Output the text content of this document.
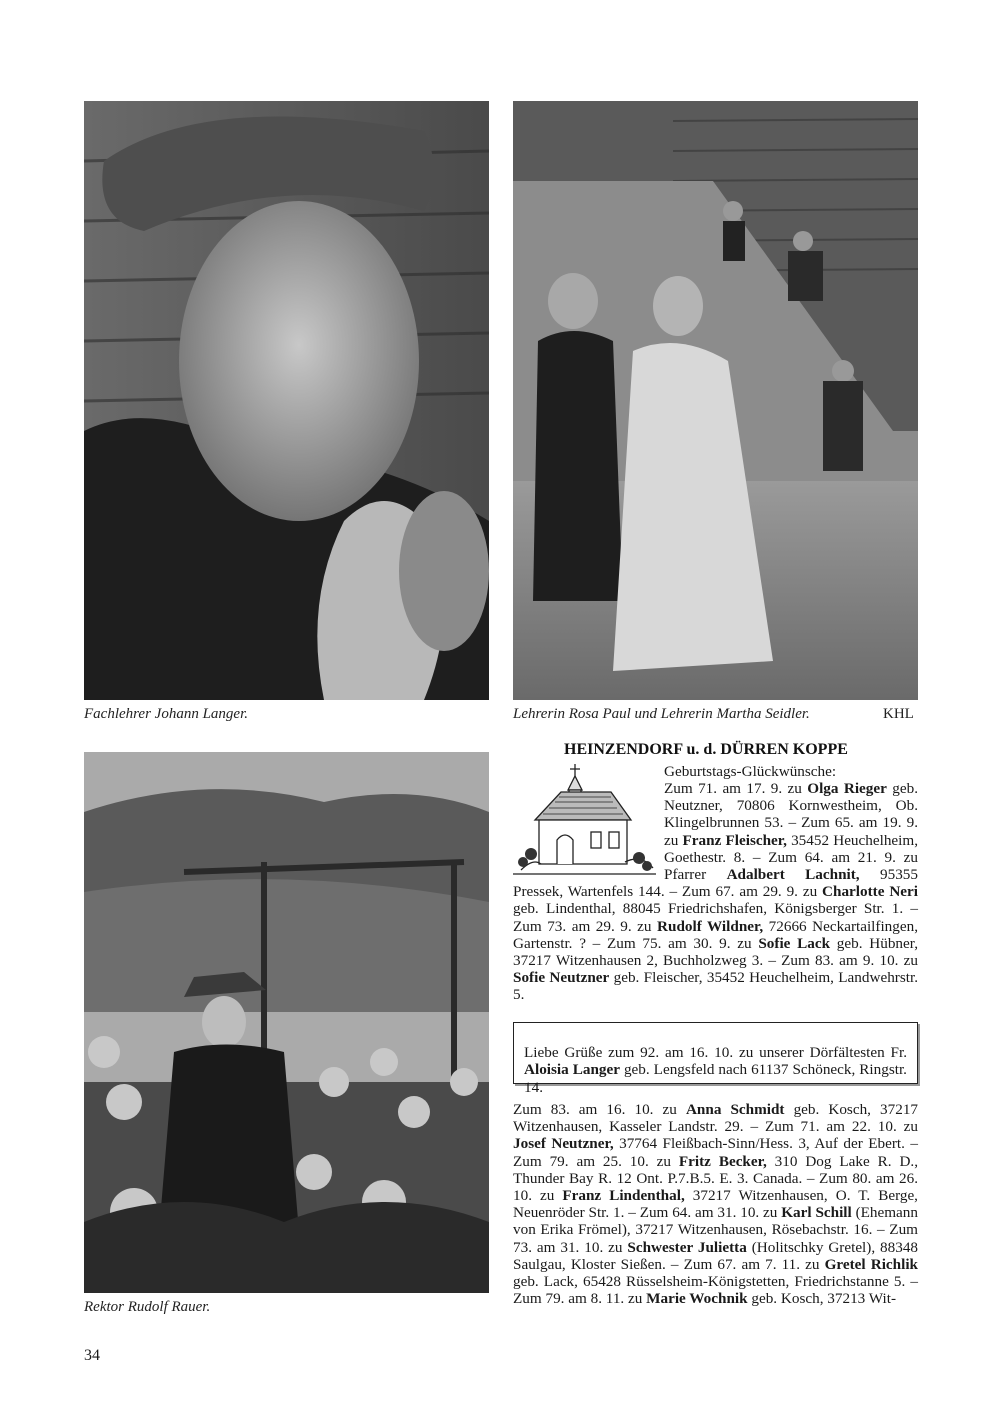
Fachlehrer Johann Langer.	Lehrerin Rosa Paul und Lehrerin Martha Seidler.	KHL
Rektor Rudolf Rauer.
HEINZENDORF u. d. DÜRREN KOPPE
Geburtstags-Glückwünsche:

Zum 71. am 17. 9. zu Olga Rieger geb. Neutzner, 70806 Kornwestheim, Ob. Klingelbrunnen 53. – Zum 65. am 19. 9. zu Franz Fleischer, 35452 Heuchelheim, Goethestr. 8. – Zum 64. am 21. 9. zu Pfarrer Adalbert Lachnit, 95355 Pressek, Wartenfels 144. – Zum 67. am 29. 9. zu Charlotte Neri geb. Lindenthal, 88045 Friedrichshafen, Königsberger Str. 1. – Zum 73. am 29. 9. zu Rudolf Wildner, 72666 Neckartailfingen, Gartenstr. ? – Zum 75. am 30. 9. zu Sofie Lack geb. Hübner, 37217 Witzenhausen 2, Buchholzweg 3. – Zum 83. am 9. 10. zu Sofie Neutzner geb. Fleischer, 35452 Heuchelheim, Landwehrstr. 5.

Liebe Grüße zum 92. am 16. 10. zu unserer Dörfältesten Fr. Aloisia Langer geb. Lengsfeld nach 61137 Schöneck, Ringstr. 14.

Zum 83. am 16. 10. zu Anna Schmidt geb. Kosch, 37217 Witzenhausen, Kasseler Landstr. 29. – Zum 71. am 22. 10. zu Josef Neutzner, 37764 Fleißbach-Sinn/Hess. 3, Auf der Ebert. – Zum 79. am 25. 10. zu Fritz Becker, 310 Dog Lake R. D., Thunder Bay R. 12 Ont. P.7.B.5. E. 3. Canada. – Zum 80. am 26. 10. zu Franz Lindenthal, 37217 Witzenhausen, O. T. Berge, Neuenröder Str. 1. – Zum 64. am 31. 10. zu Karl Schill (Ehemann von Erika Frömel), 37217 Witzenhausen, Rösebachstr. 16. – Zum 73. am 31. 10. zu Schwester Julietta (Holitschky Gretel), 88348 Saulgau, Kloster Sießen. – Zum 67. am 7. 11. zu Gretel Richlik geb. Lack, 65428 Rüsselsheim-Königstetten, Friedrichstanne 5. – Zum 79. am 8. 11. zu Marie Wochnik geb. Kosch, 37213 Wit-

34
